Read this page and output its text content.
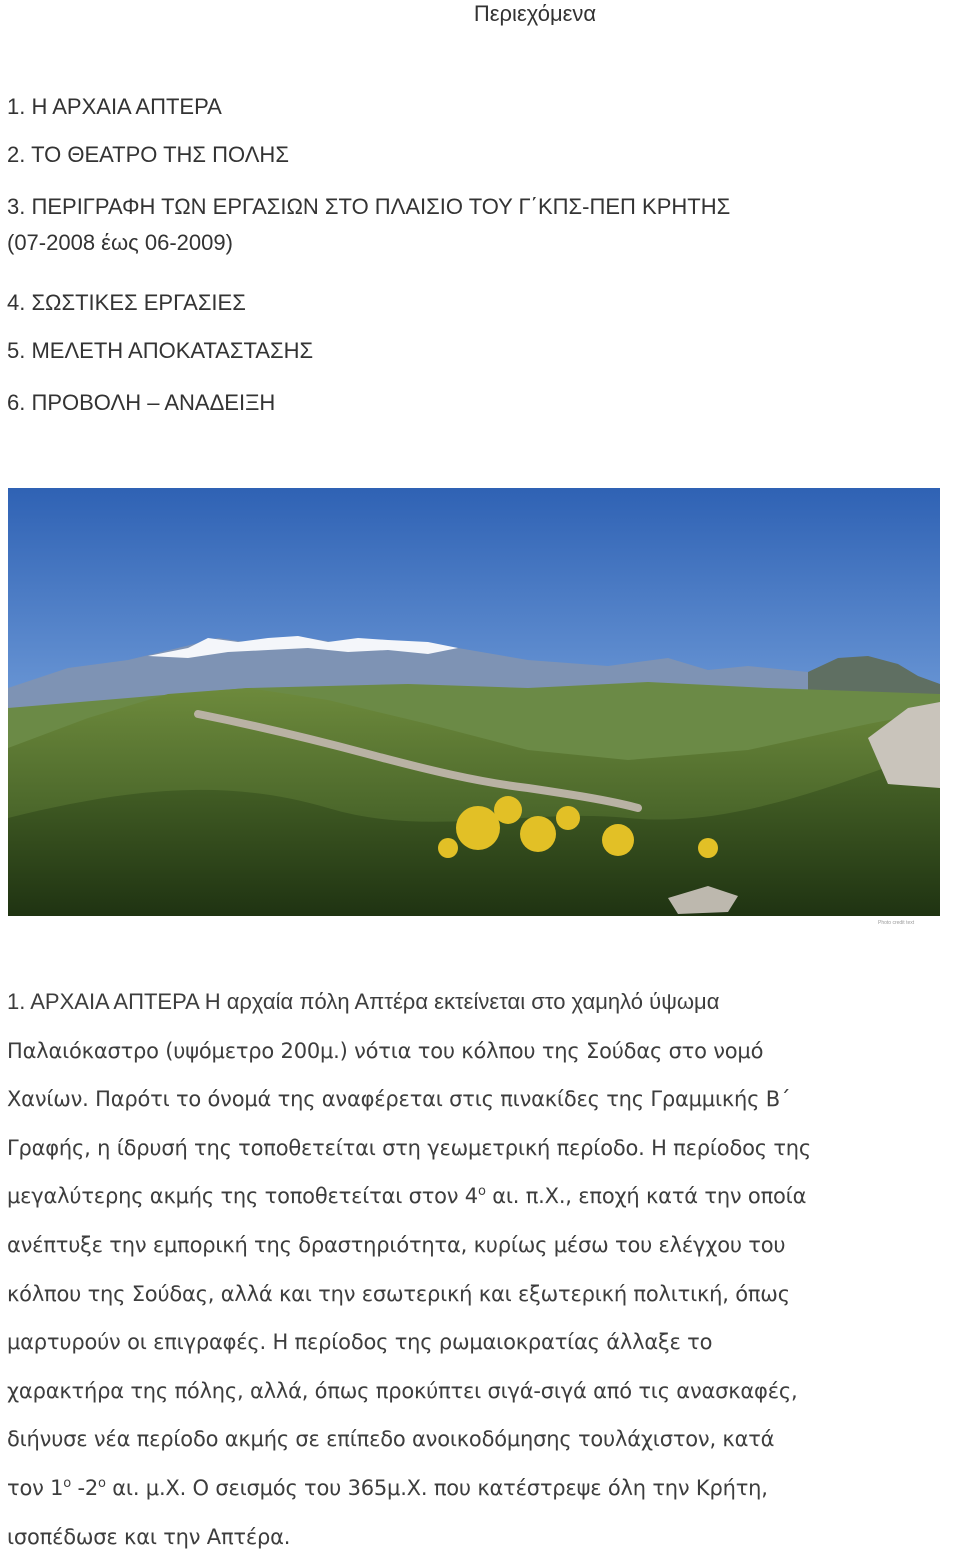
Περιεχόμενα
1. Η ΑΡΧΑΙΑ ΑΠΤΕΡΑ
2. ΤΟ ΘΕΑΤΡΟ ΤΗΣ ΠΟΛΗΣ
3. ΠΕΡΙΓΡΑΦΗ ΤΩΝ ΕΡΓΑΣΙΩΝ ΣΤΟ ΠΛΑΙΣΙΟ ΤΟΥ Γ΄ΚΠΣ-ΠΕΠ ΚΡΗΤΗΣ
(07-2008 έως 06-2009)
4. ΣΩΣΤΙΚΕΣ ΕΡΓΑΣΙΕΣ
5. ΜΕΛΕΤΗ ΑΠΟΚΑΤΑΣΤΑΣΗΣ
6. ΠΡΟΒΟΛΗ – ΑΝΑΔΕΙΞΗ
Photo credit text
1. ΑΡΧΑΙΑ ΑΠΤΕΡΑ Η αρχαία πόλη Απτέρα εκτείνεται στο χαμηλό ύψωμα
Παλαιόκαστρο (υψόμετρο 200μ.) νότια του κόλπου της Σούδας στο νομό
Χανίων. Παρότι το όνομά της αναφέρεται στις πινακίδες της Γραμμικής Β΄
Γραφής, η ίδρυσή της τοποθετείται στη γεωμετρική περίοδο. Η περίοδος της
μεγαλύτερης ακμής της τοποθετείται στον $4^o$ αι. π.Χ., εποχή κατά την οποία
ανέπτυξε την εμπορική της δραστηριότητα, κυρίως μέσω του ελέγχου του
κόλπου της Σούδας, αλλά και την εσωτερική και εξωτερική πολιτική, όπως
μαρτυρούν οι επιγραφές. Η περίοδος της ρωμαιοκρατίας άλλαξε το
χαρακτήρα της πόλης, αλλά, όπως προκύπτει σιγά-σιγά από τις ανασκαφές,
διήνυσε νέα περίοδο ακμής σε επίπεδο ανοικοδόμησης τουλάχιστον, κατά
τον $1^o$ $-2^o$ αι. μ.Χ. Ο σεισμός του 365μ.Χ. που κατέστρεψε όλη την Κρήτη,
ισοπέδωσε και την Απτέρα.
